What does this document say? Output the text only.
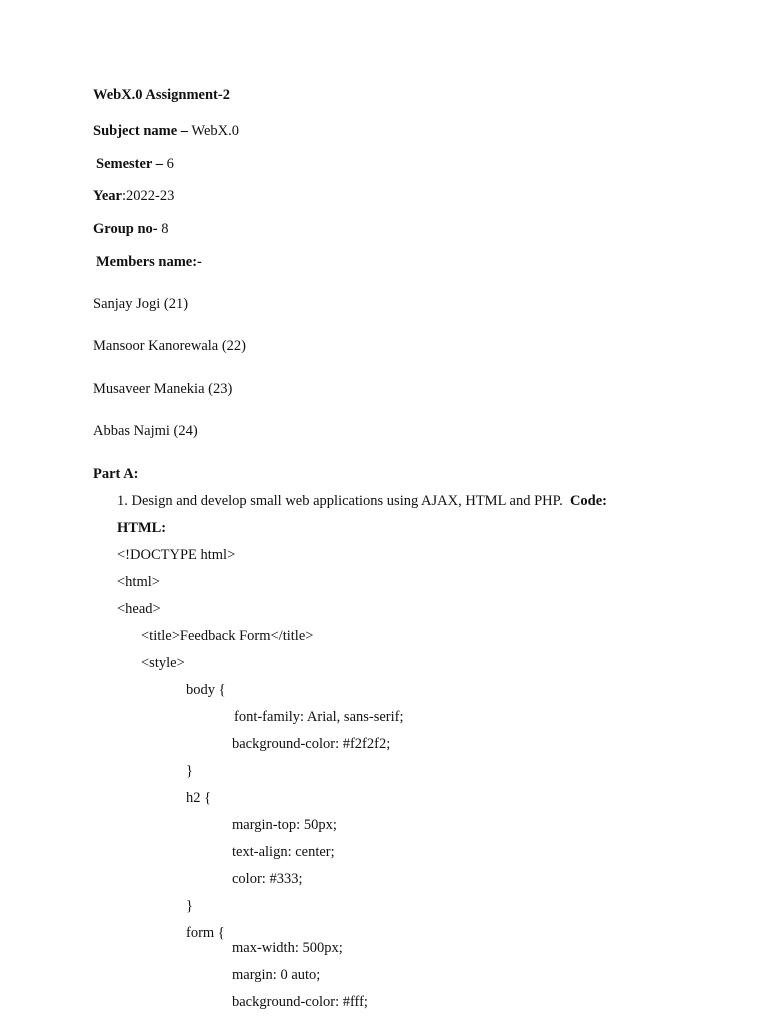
WebX.0 Assignment-2
Subject name – WebX.0
Semester – 6
Year:2022-23
Group no- 8
Members name:-
Sanjay Jogi (21)
Mansoor Kanorewala (22)
Musaveer Manekia (23)
Abbas Najmi (24)
Part A:
1. Design and develop small web applications using AJAX, HTML and PHP. Code:
HTML:
<!DOCTYPE html>
<html>
<head>
<title>Feedback Form</title>
<style>
body {
font-family: Arial, sans-serif;
background-color: #f2f2f2;
}
h2 {
margin-top: 50px;
text-align: center;
color: #333;
}
form {
max-width: 500px;
margin: 0 auto;
background-color: #fff;
